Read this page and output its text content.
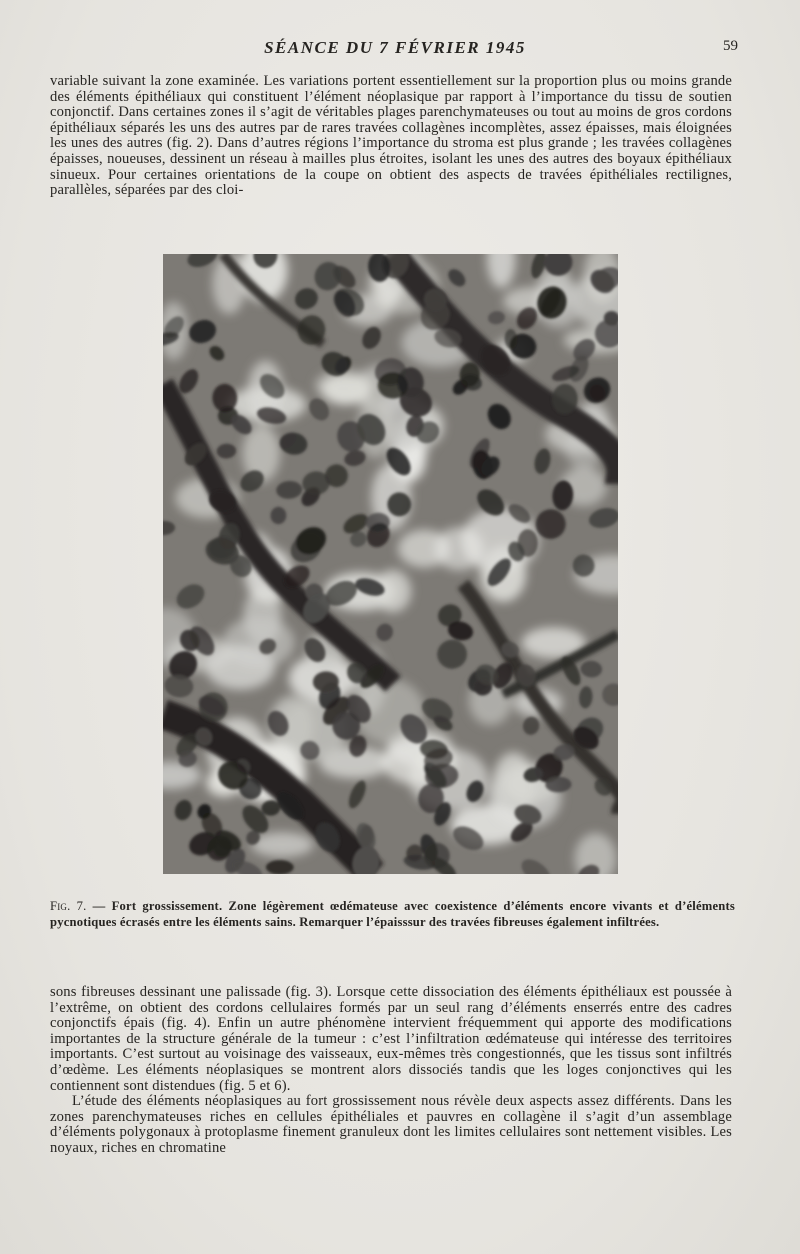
SÉANCE DU 7 FÉVRIER 1945	59

variable suivant la zone examinée. Les variations portent essentiellement sur la proportion plus ou moins grande des éléments épithéliaux qui constituent l’élément néoplasique par rapport à l’importance du tissu de soutien conjonctif. Dans certaines zones il s’agit de véritables plages parenchymateuses ou tout au moins de gros cordons épithéliaux séparés les uns des autres par de rares travées collagènes incomplètes, assez épaisses, mais éloignées les unes des autres (fig. 2). Dans d’autres régions l’importance du stroma est plus grande ; les travées collagènes épaisses, noueuses, dessinent un réseau à mailles plus étroites, isolant les unes des autres des boyaux épithéliaux sinueux. Pour certaines orientations de la coupe on obtient des aspects de travées épithéliales rectilignes, parallèles, séparées par des cloi-

Fig. 7. — Fort grossissement. Zone légèrement œdémateuse avec coexistence d’éléments encore vivants et d’éléments pycnotiques écrasés entre les éléments sains. Remarquer l’épaisssur des travées fibreuses également infiltrées.

sons fibreuses dessinant une palissade (fig. 3). Lorsque cette dissociation des éléments épithéliaux est poussée à l’extrême, on obtient des cordons cellulaires formés par un seul rang d’éléments enserrés entre des cadres conjonctifs épais (fig. 4). Enfin un autre phénomène intervient fréquemment qui apporte des modifications importantes de la structure générale de la tumeur : c’est l’infiltration œdémateuse qui intéresse des territoires importants. C’est surtout au voisinage des vaisseaux, eux-mêmes très congestionnés, que les tissus sont infiltrés d’œdème. Les éléments néoplasiques se montrent alors dissociés tandis que les loges conjonctives qui les contiennent sont distendues (fig. 5 et 6).

L’étude des éléments néoplasiques au fort grossissement nous révèle deux aspects assez différents. Dans les zones parenchymateuses riches en cellules épithéliales et pauvres en collagène il s’agit d’un assemblage d’éléments polygonaux à protoplasme finement granuleux dont les limites cellulaires sont nettement visibles. Les noyaux, riches en chromatine
